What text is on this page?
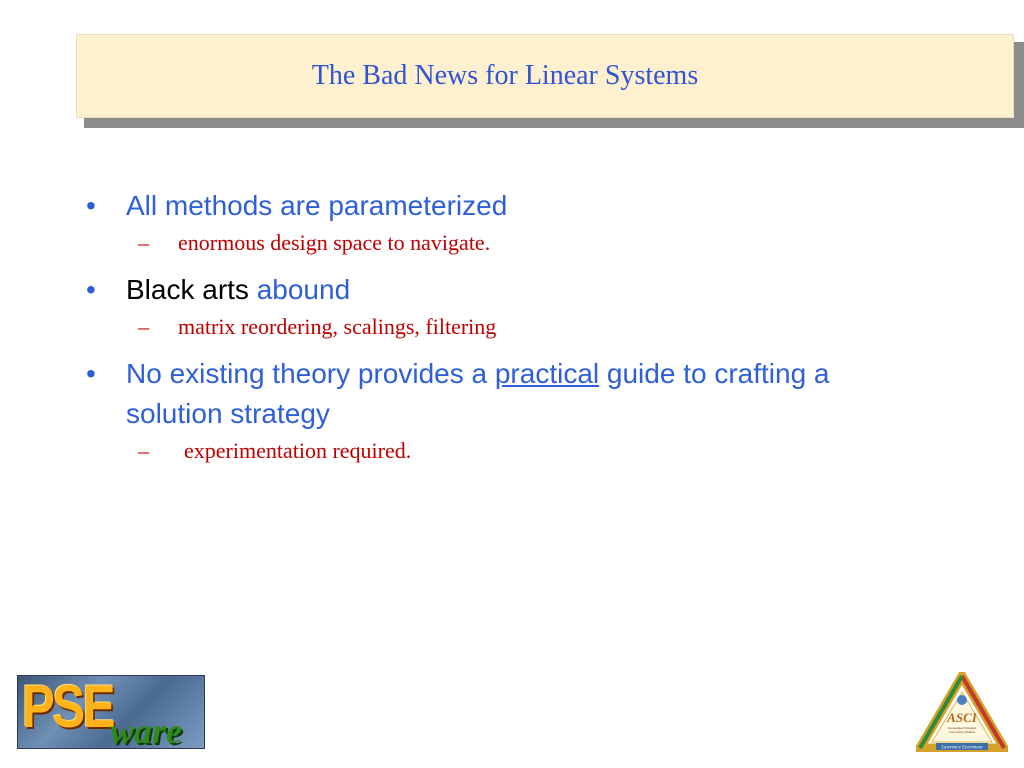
The Bad News for Linear Systems
•	All methods are parameterized
– enormous design space to navigate.
•	Black arts abound
– matrix reordering, scalings, filtering
•	No existing theory provides a practical guide to crafting a solution strategy
– experimentation required.
PSE
ware	ASCI
Accelerated Strategic
Computing Initiative
Lawrence Livermore
